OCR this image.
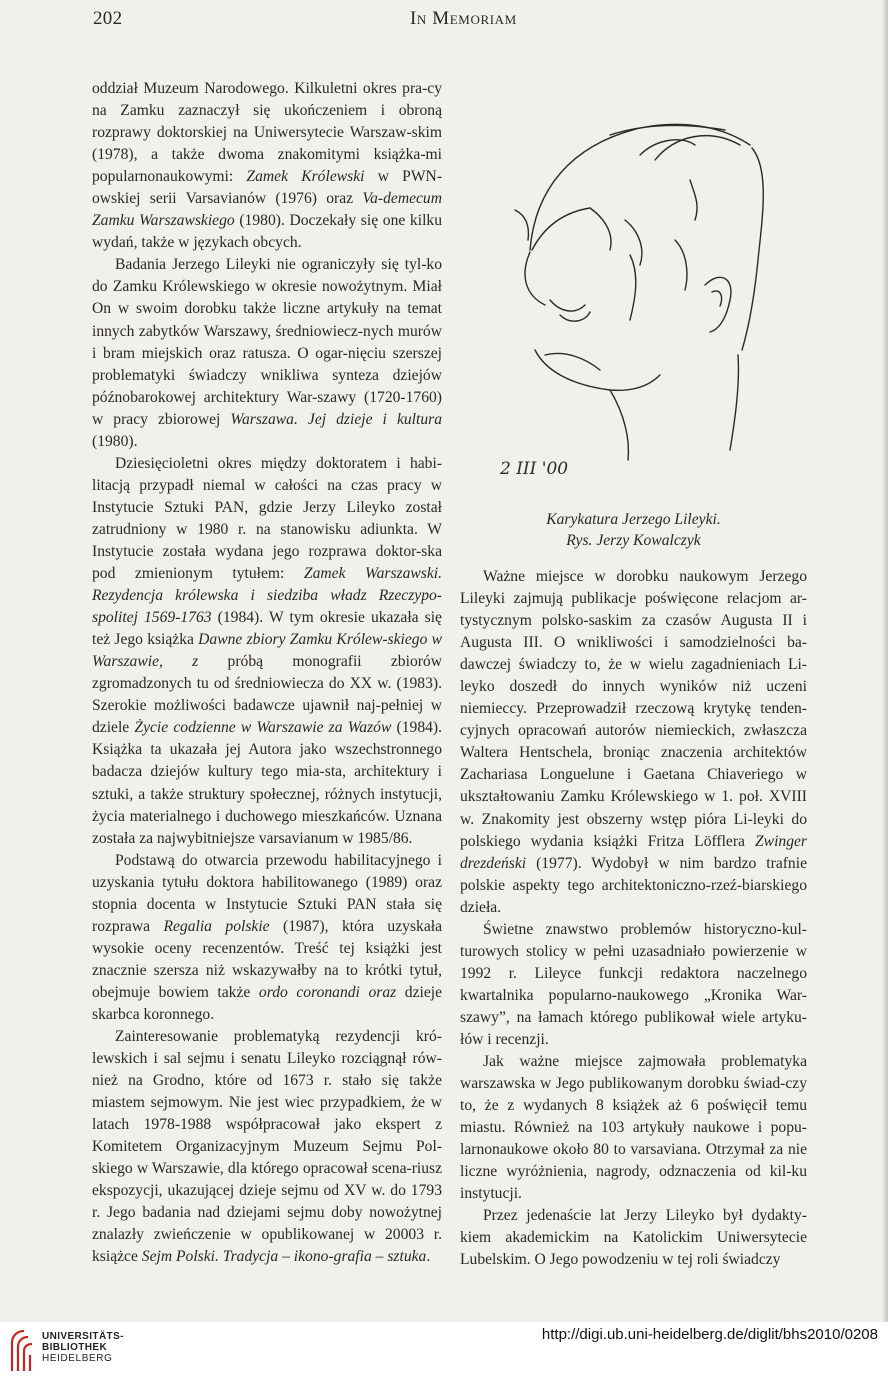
202	In Memoriam

oddział Muzeum Narodowego. Kilkuletni okres pra-cy na Zamku zaznaczył się ukończeniem i obroną rozprawy doktorskiej na Uniwersytecie Warszaw-skim (1978), a także dwoma znakomitymi książka-mi popularnonaukowymi: Zamek Królewski w PWN-owskiej serii Varsavianów (1976) oraz Va-demecum Zamku Warszawskiego (1980). Doczekały się one kilku wydań, także w językach obcych.

Badania Jerzego Lileyki nie ograniczyły się tyl-ko do Zamku Królewskiego w okresie nowożytnym. Miał On w swoim dorobku także liczne artykuły na temat innych zabytków Warszawy, średniowiecz-nych murów i bram miejskich oraz ratusza. O ogar-nięciu szerszej problematyki świadczy wnikliwa synteza dziejów późnobarokowej architektury War-szawy (1720-1760) w pracy zbiorowej Warszawa. Jej dzieje i kultura (1980).

Dziesięcioletni okres między doktoratem i habi-litacją przypadł niemal w całości na czas pracy w Instytucie Sztuki PAN, gdzie Jerzy Lileyko został zatrudniony w 1980 r. na stanowisku adiunkta. W Instytucie została wydana jego rozprawa doktor-ska pod zmienionym tytułem: Zamek Warszawski. Rezydencja królewska i siedziba władz Rzeczypo-spolitej 1569-1763 (1984). W tym okresie ukazała się też Jego książka Dawne zbiory Zamku Królew-skiego w Warszawie, z próbą monografii zbiorów zgromadzonych tu od średniowiecza do XX w. (1983). Szerokie możliwości badawcze ujawnił naj-pełniej w dziele Życie codzienne w Warszawie za Wazów (1984). Książka ta ukazała jej Autora jako wszechstronnego badacza dziejów kultury tego mia-sta, architektury i sztuki, a także struktury społecznej, różnych instytucji, życia materialnego i duchowego mieszkańców. Uznana została za najwybitniejsze varsavianum w 1985/86.

Podstawą do otwarcia przewodu habilitacyjnego i uzyskania tytułu doktora habilitowanego (1989) oraz stopnia docenta w Instytucie Sztuki PAN stała się rozprawa Regalia polskie (1987), która uzyskała wysokie oceny recenzentów. Treść tej książki jest znacznie szersza niż wskazywałby na to krótki tytuł, obejmuje bowiem także ordo coronandi oraz dzieje skarbca koronnego.

Zainteresowanie problematyką rezydencji kró-lewskich i sal sejmu i senatu Lileyko rozciągnął rów-nież na Grodno, które od 1673 r. stało się także miastem sejmowym. Nie jest wiec przypadkiem, że w latach 1978-1988 współpracował jako ekspert z Komitetem Organizacyjnym Muzeum Sejmu Pol-skiego w Warszawie, dla którego opracował scena-riusz ekspozycji, ukazującej dzieje sejmu od XV w. do 1793 r. Jego badania nad dziejami sejmu doby nowożytnej znalazły zwieńczenie w opublikowanej w 20003 r. książce Sejm Polski. Tradycja – ikono-grafia – sztuka.

2 III '00
Karykatura Jerzego Lileyki.
Rys. Jerzy Kowalczyk

Ważne miejsce w dorobku naukowym Jerzego Lileyki zajmują publikacje poświęcone relacjom ar-tystycznym polsko-saskim za czasów Augusta II i Augusta III. O wnikliwości i samodzielności ba-dawczej świadczy to, że w wielu zagadnieniach Li-leyko doszedł do innych wyników niż uczeni niemieccy. Przeprowadził rzeczową krytykę tenden-cyjnych opracowań autorów niemieckich, zwłaszcza Waltera Hentschela, broniąc znaczenia architektów Zachariasa Longuelune i Gaetana Chiaveriego w ukształtowaniu Zamku Królewskiego w 1. poł. XVIII w. Znakomity jest obszerny wstęp pióra Li-leyki do polskiego wydania książki Fritza Löfflera Zwinger drezdeński (1977). Wydobył w nim bardzo trafnie polskie aspekty tego architektoniczno-rzeź-biarskiego dzieła.

Świetne znawstwo problemów historyczno-kul-turowych stolicy w pełni uzasadniało powierzenie w 1992 r. Lileyce funkcji redaktora naczelnego kwartalnika popularno-naukowego „Kronika War-szawy”, na łamach którego publikował wiele artyku-łów i recenzji.

Jak ważne miejsce zajmowała problematyka warszawska w Jego publikowanym dorobku świad-czy to, że z wydanych 8 książek aż 6 poświęcił temu miastu. Również na 103 artykuły naukowe i popu-larnonaukowe około 80 to varsaviana. Otrzymał za nie liczne wyróżnienia, nagrody, odznaczenia od kil-ku instytucji.

Przez jedenaście lat Jerzy Lileyko był dydakty-kiem akademickim na Katolickim Uniwersytecie Lubelskim. O Jego powodzeniu w tej roli świadczy

UNIVERSITÄTS-
BIBLIOTHEK
HEIDELBERG
http://digi.ub.uni-heidelberg.de/diglit/bhs2010/0208
